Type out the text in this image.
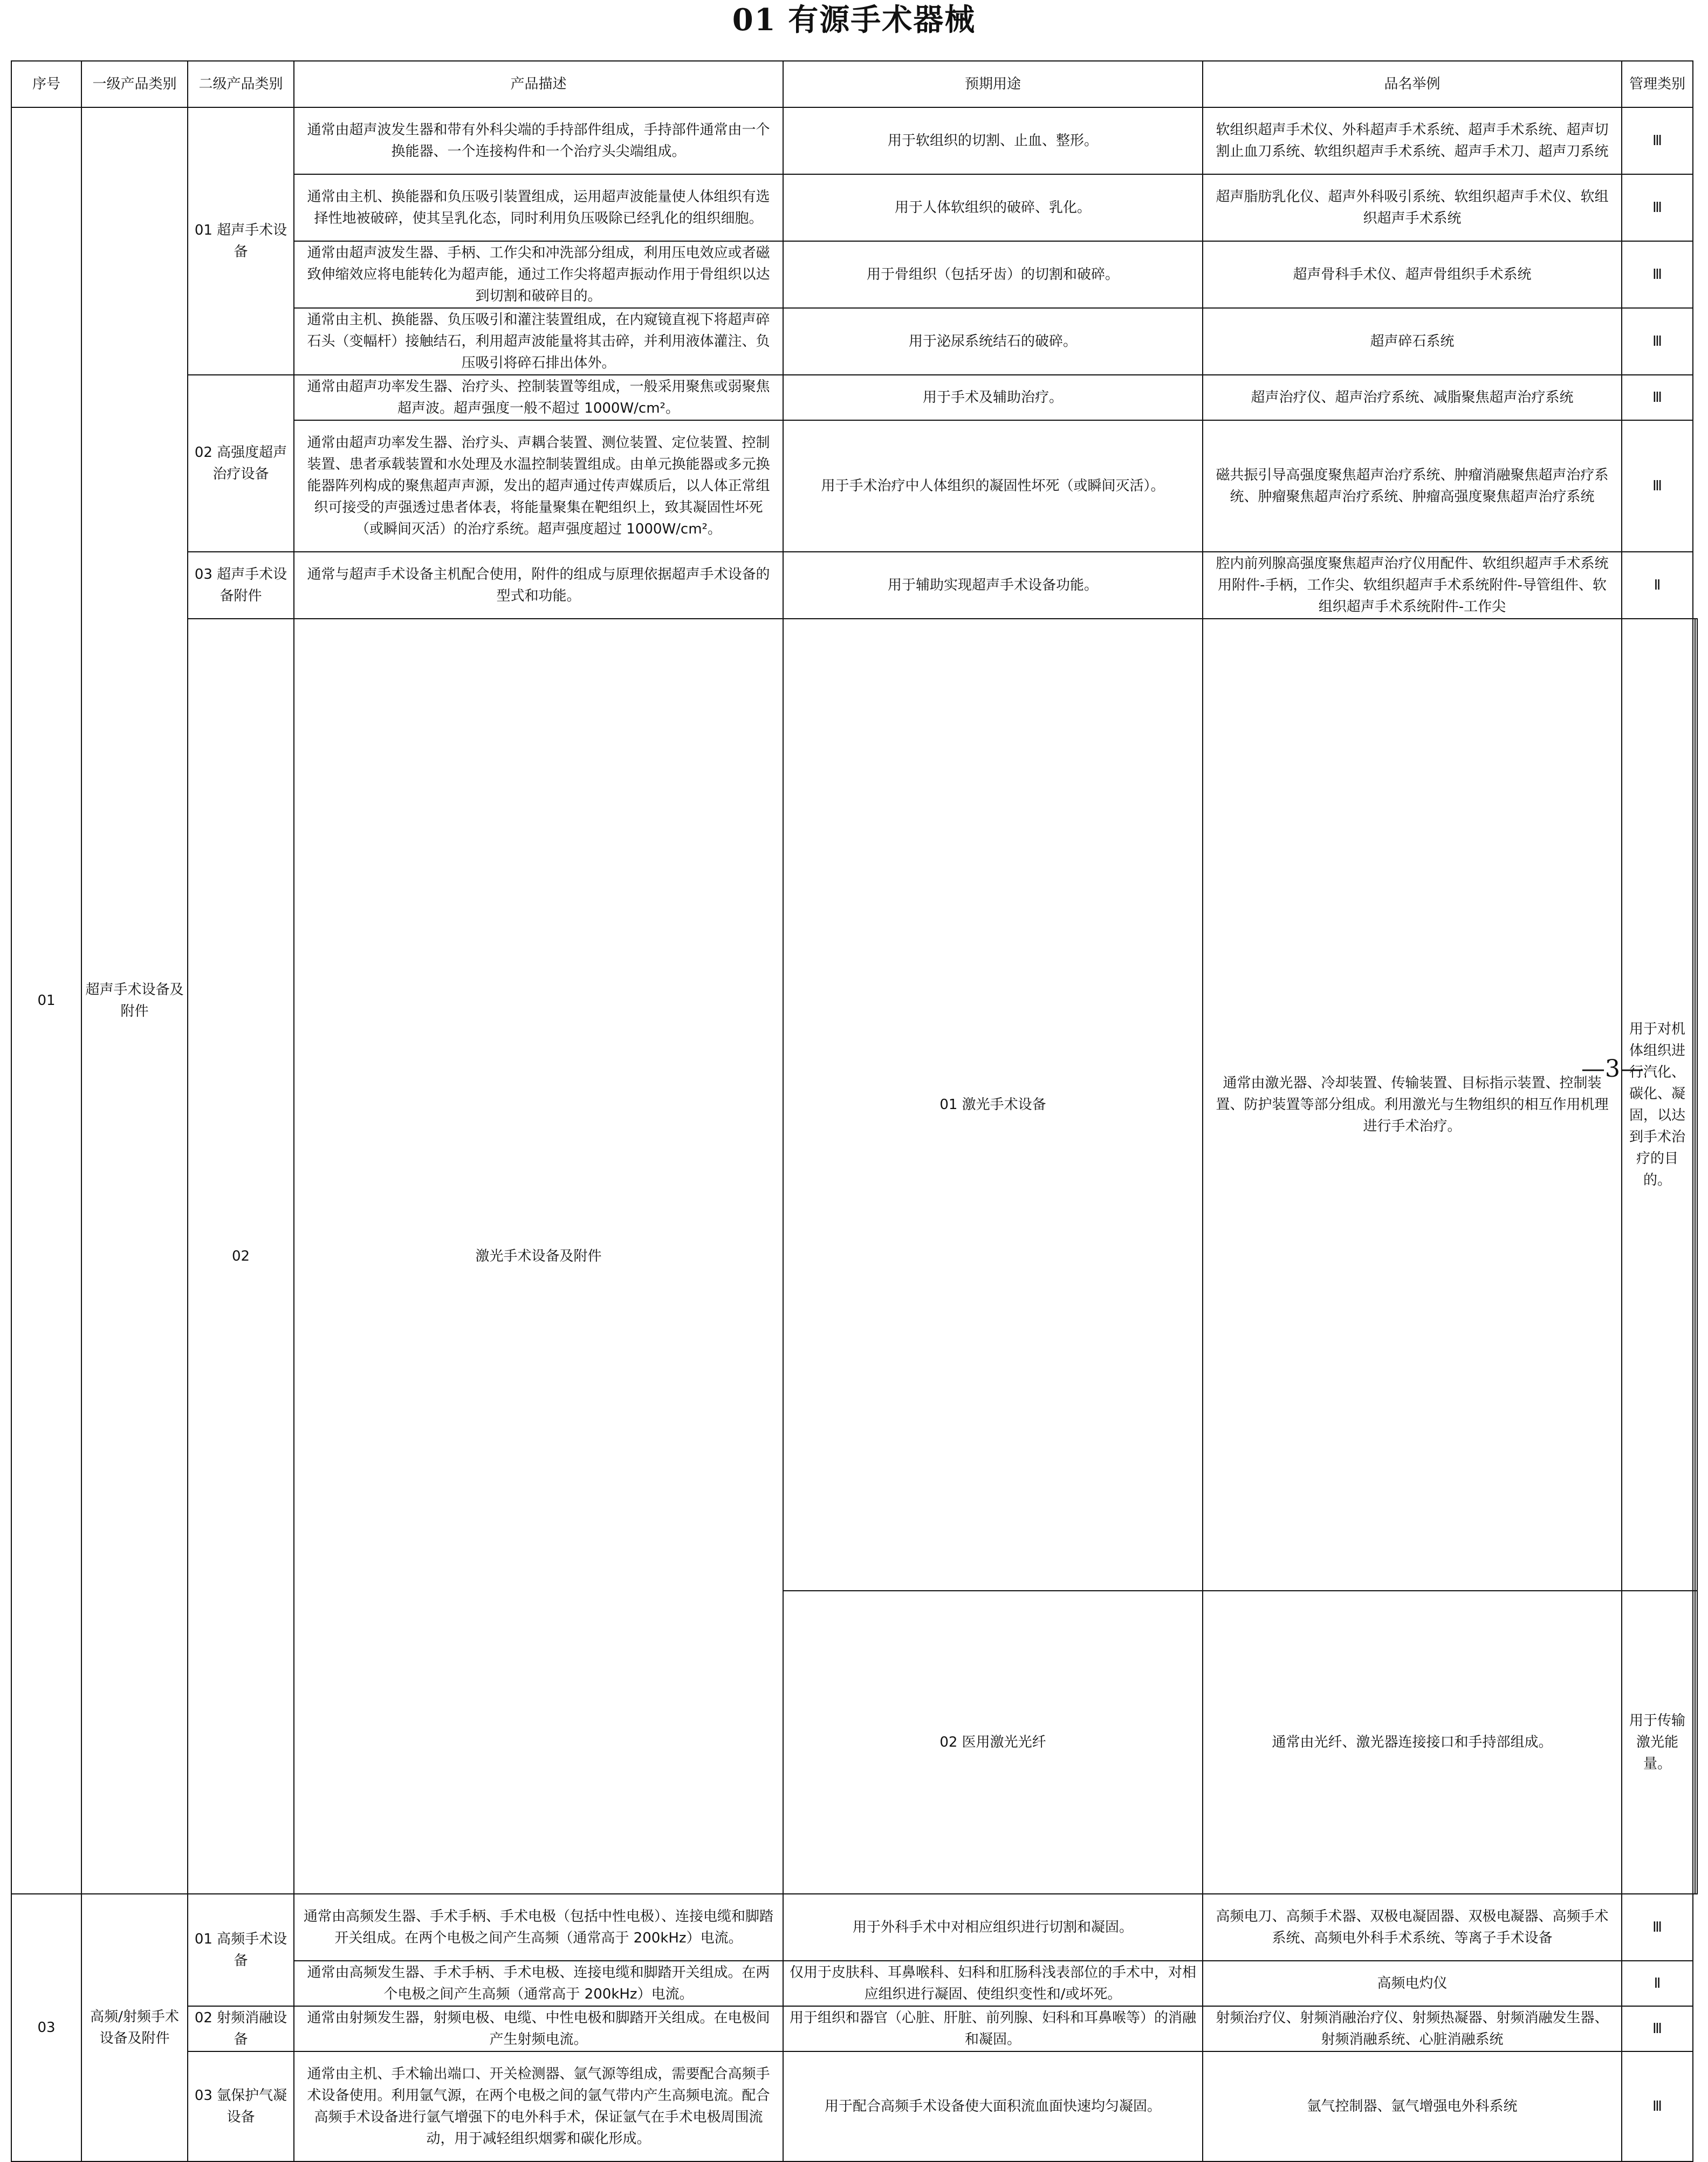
01 有源手术器械
序号	一级产品类别	二级产品类别	产品描述	预期用途	品名举例	管理类别		
01	超声手术设备及附件	01 超声手术设备	通常由超声波发生器和带有外科尖端的手持部件组成，手持部件通常由一个换能器、一个连接构件和一个治疗头尖端组成。	用于软组织的切割、止血、整形。	软组织超声手术仪、外科超声手术系统、超声手术系统、超声切割止血刀系统、软组织超声手术系统、超声手术刀、超声刀系统	Ⅲ		
			通常由主机、换能器和负压吸引装置组成，运用超声波能量使人体组织有选择性地被破碎，使其呈乳化态，同时利用负压吸除已经乳化的组织细胞。	用于人体软组织的破碎、乳化。	超声脂肪乳化仪、超声外科吸引系统、软组织超声手术仪、软组织超声手术系统	Ⅲ		
			通常由超声波发生器、手柄、工作尖和冲洗部分组成，利用压电效应或者磁致伸缩效应将电能转化为超声能，通过工作尖将超声振动作用于骨组织以达到切割和破碎目的。	用于骨组织（包括牙齿）的切割和破碎。	超声骨科手术仪、超声骨组织手术系统	Ⅲ		
			通常由主机、换能器、负压吸引和灌注装置组成，在内窥镜直视下将超声碎石头（变幅杆）接触结石，利用超声波能量将其击碎，并利用液体灌注、负压吸引将碎石排出体外。	用于泌尿系统结石的破碎。	超声碎石系统	Ⅲ		
		02 高强度超声治疗设备	通常由超声功率发生器、治疗头、控制装置等组成，一般采用聚焦或弱聚焦超声波。超声强度一般不超过 1000W/cm²。	用于手术及辅助治疗。	超声治疗仪、超声治疗系统、减脂聚焦超声治疗系统	Ⅲ		
			通常由超声功率发生器、治疗头、声耦合装置、测位装置、定位装置、控制装置、患者承载装置和水处理及水温控制装置组成。由单元换能器或多元换能器阵列构成的聚焦超声声源，发出的超声通过传声媒质后，以人体正常组织可接受的声强透过患者体表，将能量聚集在靶组织上，致其凝固性坏死（或瞬间灭活）的治疗系统。超声强度超过 1000W/cm²。	用于手术治疗中人体组织的凝固性坏死（或瞬间灭活）。	磁共振引导高强度聚焦超声治疗系统、肿瘤消融聚焦超声治疗系统、肿瘤聚焦超声治疗系统、肿瘤高强度聚焦超声治疗系统	Ⅲ		
		03 超声手术设备附件	通常与超声手术设备主机配合使用，附件的组成与原理依据超声手术设备的型式和功能。	用于辅助实现超声手术设备功能。	腔内前列腺高强度聚焦超声治疗仪用配件、软组织超声手术系统用附件-手柄，工作尖、软组织超声手术系统附件-导管组件、软组织超声手术系统附件-工作尖	Ⅱ		
		02	激光手术设备及附件	01 激光手术设备	通常由激光器、冷却装置、传输装置、目标指示装置、控制装置、防护装置等部分组成。利用激光与生物组织的相互作用机理进行手术治疗。	用于对机体组织进行汽化、碳化、凝固，以达到手术治疗的目的。		
				02 医用激光光纤	通常由光纤、激光器连接接口和手持部组成。	用于传输激光能量。		
03	高频/射频手术设备及附件	01 高频手术设备	通常由高频发生器、手术手柄、手术电极（包括中性电极）、连接电缆和脚踏开关组成。在两个电极之间产生高频（通常高于 200kHz）电流。	用于外科手术中对相应组织进行切割和凝固。	高频电刀、高频手术器、双极电凝固器、双极电凝器、高频手术系统、高频电外科手术系统、等离子手术设备	Ⅲ		
			通常由高频发生器、手术手柄、手术电极、连接电缆和脚踏开关组成。在两个电极之间产生高频（通常高于 200kHz）电流。	仅用于皮肤科、耳鼻喉科、妇科和肛肠科浅表部位的手术中，对相应组织进行凝固、使组织变性和/或坏死。	高频电灼仪	Ⅱ		
		02 射频消融设备	通常由射频发生器，射频电极、电缆、中性电极和脚踏开关组成。在电极间产生射频电流。	用于组织和器官（心脏、肝脏、前列腺、妇科和耳鼻喉等）的消融和凝固。	射频治疗仪、射频消融治疗仪、射频热凝器、射频消融发生器、射频消融系统、心脏消融系统	Ⅲ		
		03 氩保护气凝设备	通常由主机、手术输出端口、开关检测器、氩气源等组成，需要配合高频手术设备使用。利用氩气源，在两个电极之间的氩气带内产生高频电流。配合高频手术设备进行氩气增强下的电外科手术，保证氩气在手术电极周围流动，用于减轻组织烟雾和碳化形成。	用于配合高频手术设备使大面积流血面快速均匀凝固。	氩气控制器、氩气增强电外科系统	Ⅲ		
—3—
